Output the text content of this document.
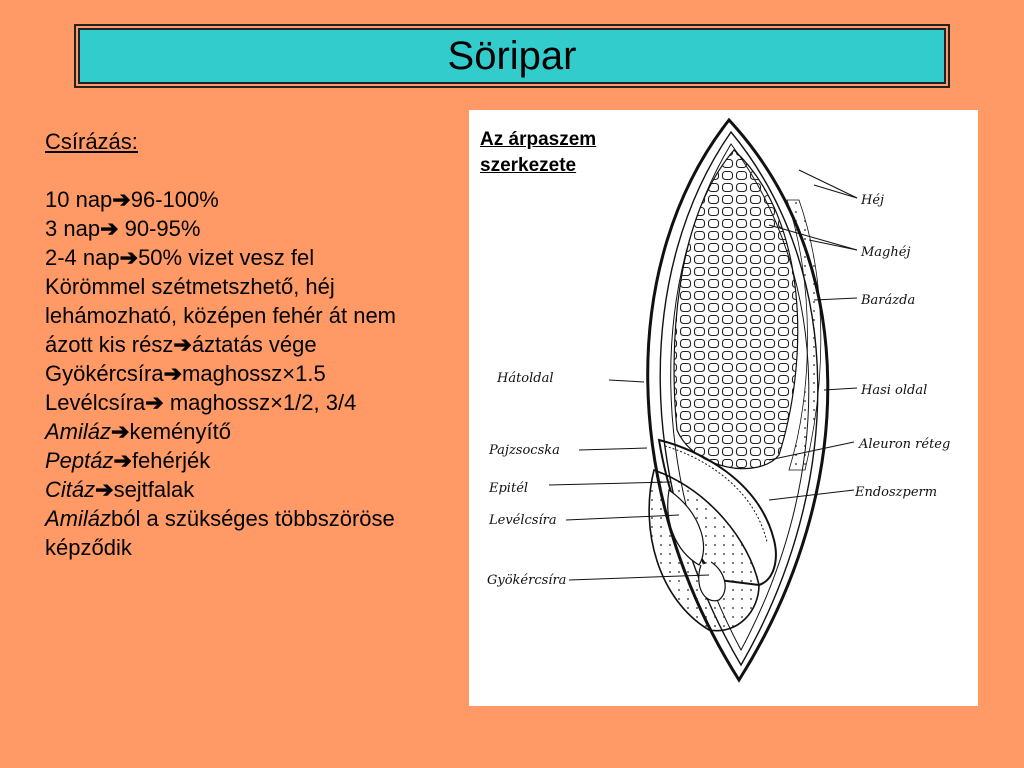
Söripar
Csírázás:
10 nap➔96-100%
3 nap➔ 90-95%
2-4 nap➔50% vizet vesz fel
Körömmel szétmetszhető, héj lehámozható, középen fehér át nem ázott kis rész➔áztatás vége
Gyökércsíra➔maghossz×1.5
Levélcsíra➔ maghossz×1/2, 3/4
Amiláz➔keményítő
Peptáz➔fehérjék
Citáz➔sejtfalak
Amilázból a szükséges többszöröse képződik
Héj
Maghéj
Barázda
Hátoldal
Hasi oldal
Pajzsocska	Aleuron réteg
Epitél	Endoszperm
Levélcsíra
Gyökércsíra
Az árpaszem
szerkezete
